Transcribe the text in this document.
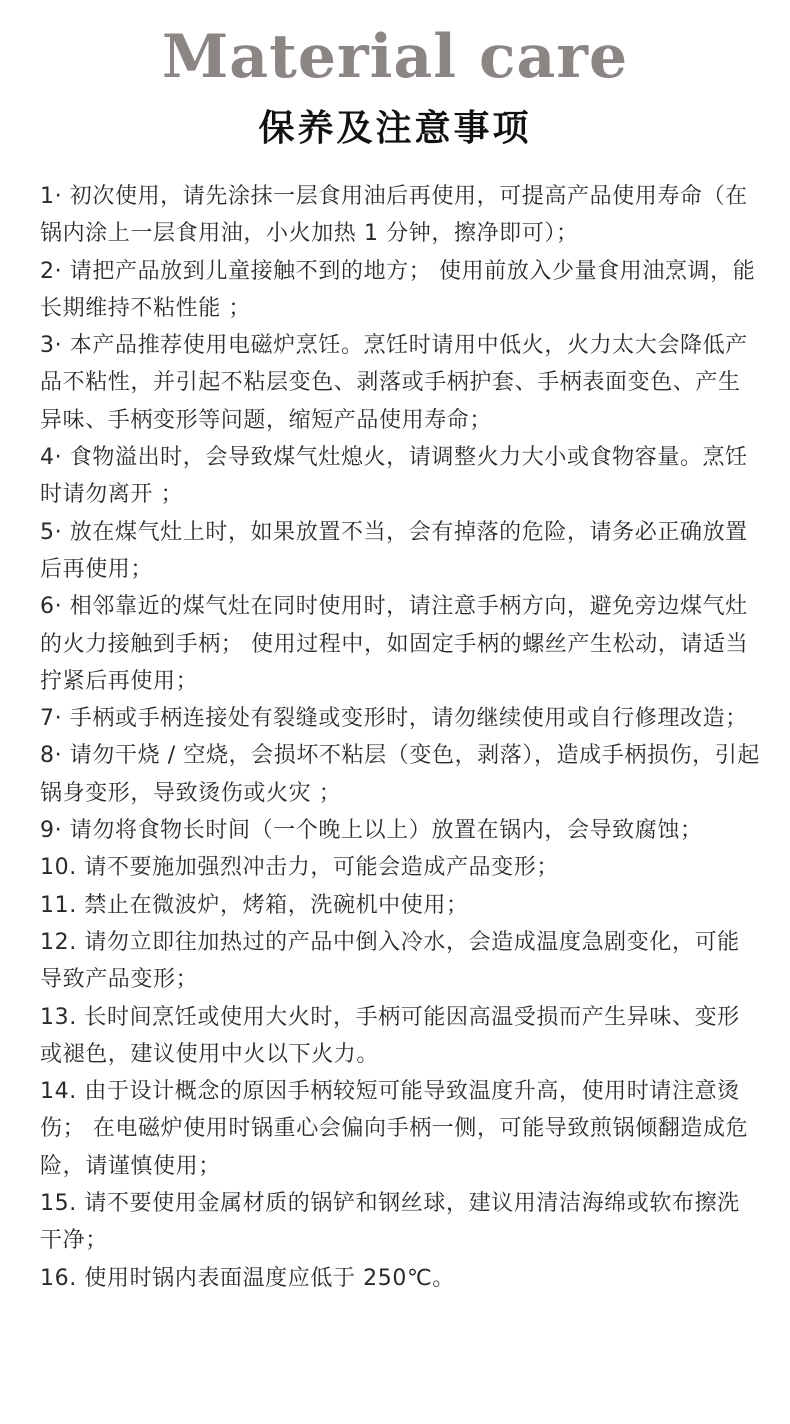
Material care
保养及注意事项
1· 初次使用，请先涂抹一层食用油后再使用，可提高产品使用寿命（在锅内涂上一层食用油，小火加热 1 分钟，擦净即可）；
2· 请把产品放到儿童接触不到的地方； 使用前放入少量食用油烹调，能长期维持不粘性能 ；
3· 本产品推荐使用电磁炉烹饪。烹饪时请用中低火，火力太大会降低产品不粘性，并引起不粘层变色、剥落或手柄护套、手柄表面变色、产生异味、手柄变形等问题，缩短产品使用寿命；
4· 食物溢出时，会导致煤气灶熄火，请调整火力大小或食物容量。烹饪时请勿离开 ；
5· 放在煤气灶上时，如果放置不当，会有掉落的危险，请务必正确放置后再使用；
6· 相邻靠近的煤气灶在同时使用时，请注意手柄方向，避免旁边煤气灶的火力接触到手柄； 使用过程中，如固定手柄的螺丝产生松动，请适当拧紧后再使用；
7· 手柄或手柄连接处有裂缝或变形时，请勿继续使用或自行修理改造；
8· 请勿干烧 / 空烧，会损坏不粘层（变色，剥落），造成手柄损伤，引起锅身变形，导致烫伤或火灾 ；
9· 请勿将食物长时间（一个晚上以上）放置在锅内，会导致腐蚀；
10. 请不要施加强烈冲击力，可能会造成产品变形；
11. 禁止在微波炉，烤箱，洗碗机中使用；
12. 请勿立即往加热过的产品中倒入冷水，会造成温度急剧变化，可能导致产品变形；
13. 长时间烹饪或使用大火时，手柄可能因高温受损而产生异味、变形或褪色，建议使用中火以下火力。
14. 由于设计概念的原因手柄较短可能导致温度升高，使用时请注意烫伤； 在电磁炉使用时锅重心会偏向手柄一侧，可能导致煎锅倾翻造成危险，请谨慎使用；
15. 请不要使用金属材质的锅铲和钢丝球，建议用清洁海绵或软布擦洗干净；
16. 使用时锅内表面温度应低于 250℃。
